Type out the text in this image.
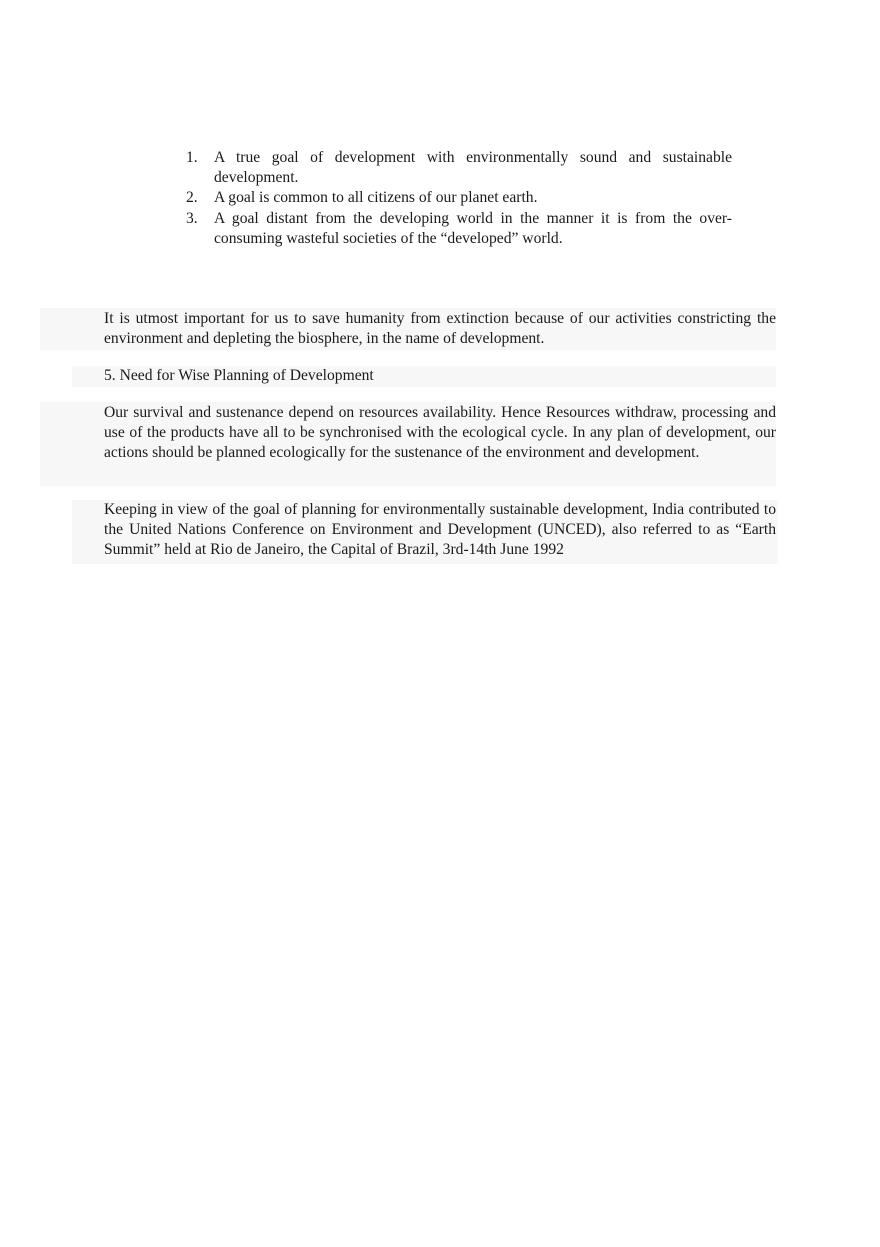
1.	A true goal of development with environmentally sound and sustainable development.
2.	A goal is common to all citizens of our planet earth.
3.	A goal distant from the developing world in the manner it is from the over-consuming wasteful societies of the “developed” world.

It is utmost important for us to save humanity from extinction because of our activities constricting the environment and depleting the biosphere, in the name of development.

5. Need for Wise Planning of Development

Our survival and sustenance depend on resources availability. Hence Resources withdraw, processing and use of the products have all to be synchronised with the ecological cycle. In any plan of development, our actions should be planned ecologically for the sustenance of the environment and development.

Keeping in view of the goal of planning for environmentally sustainable development, India contributed to the United Nations Conference on Environment and Development (UNCED), also referred to as “Earth Summit” held at Rio de Janeiro, the Capital of Brazil, 3rd-14th June 1992
